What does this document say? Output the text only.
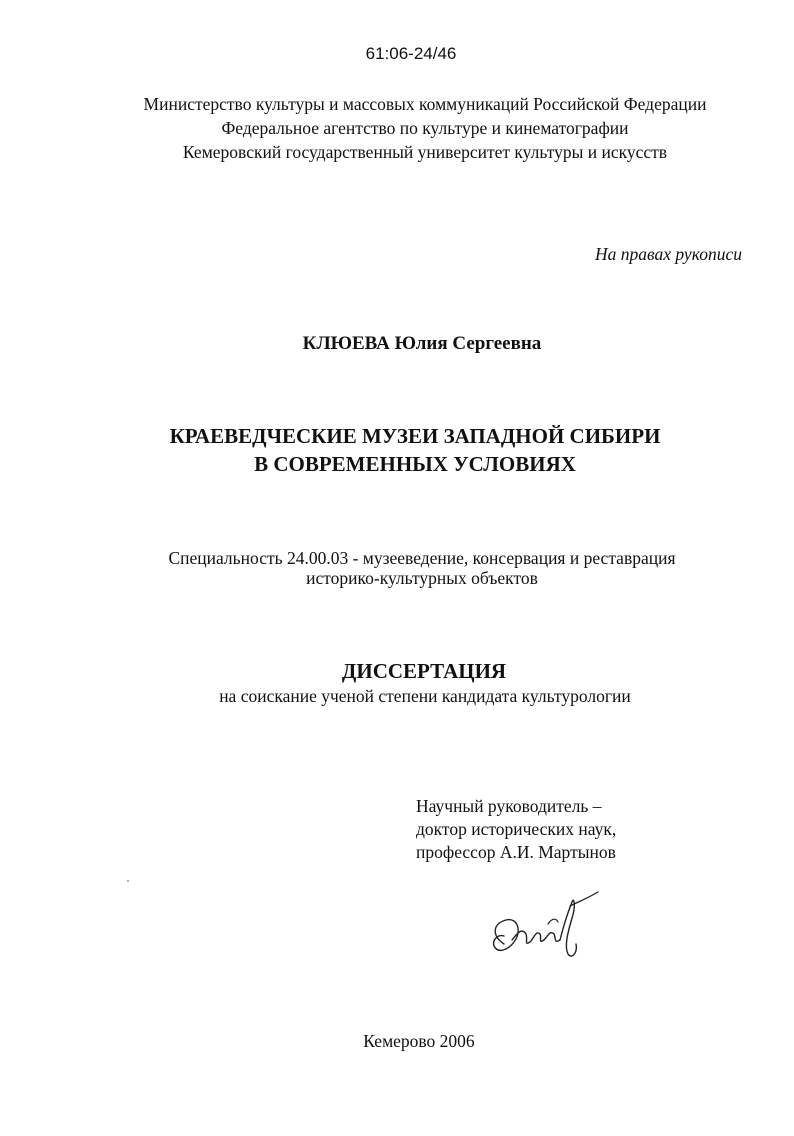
61:06-24/46
Министерство культуры и массовых коммуникаций Российской Федерации
Федеральное агентство по культуре и кинематографии
Кемеровский государственный университет культуры и искусств
На правах рукописи
КЛЮЕВА Юлия Сергеевна
КРАЕВЕДЧЕСКИЕ МУЗЕИ ЗАПАДНОЙ СИБИРИ
В СОВРЕМЕННЫХ УСЛОВИЯХ
Специальность 24.00.03 - музееведение, консервация и реставрация
историко-культурных объектов
ДИССЕРТАЦИЯ
на соискание ученой степени кандидата культурологии
Научный руководитель –
доктор исторических наук,
профессор А.И. Мартынов
Кемерово 2006
